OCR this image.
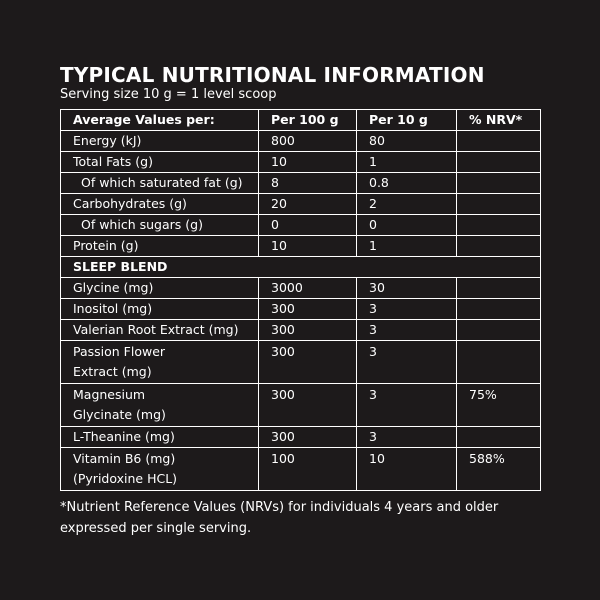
TYPICAL NUTRITIONAL INFORMATION

Serving size 10 g = 1 level scoop

Average Values per:	Per 100 g	Per 10 g	% NRV*
Energy (kJ)	800	80	
Total Fats (g)	10	1	
Of which saturated fat (g)	8	0.8	
Carbohydrates (g)	20	2	
Of which sugars (g)	0	0	
Protein (g)	10	1	
SLEEP BLEND			
Glycine (mg)	3000	30	
Inositol (mg)	300	3	
Valerian Root Extract (mg)	300	3	
Passion Flower
Extract (mg)	300	3	
Magnesium
Glycinate (mg)	300	3	75%
L-Theanine (mg)	300	3	
Vitamin B6 (mg)
(Pyridoxine HCL)	100	10	588%

*Nutrient Reference Values (NRVs) for individuals 4 years and older expressed per single serving.
